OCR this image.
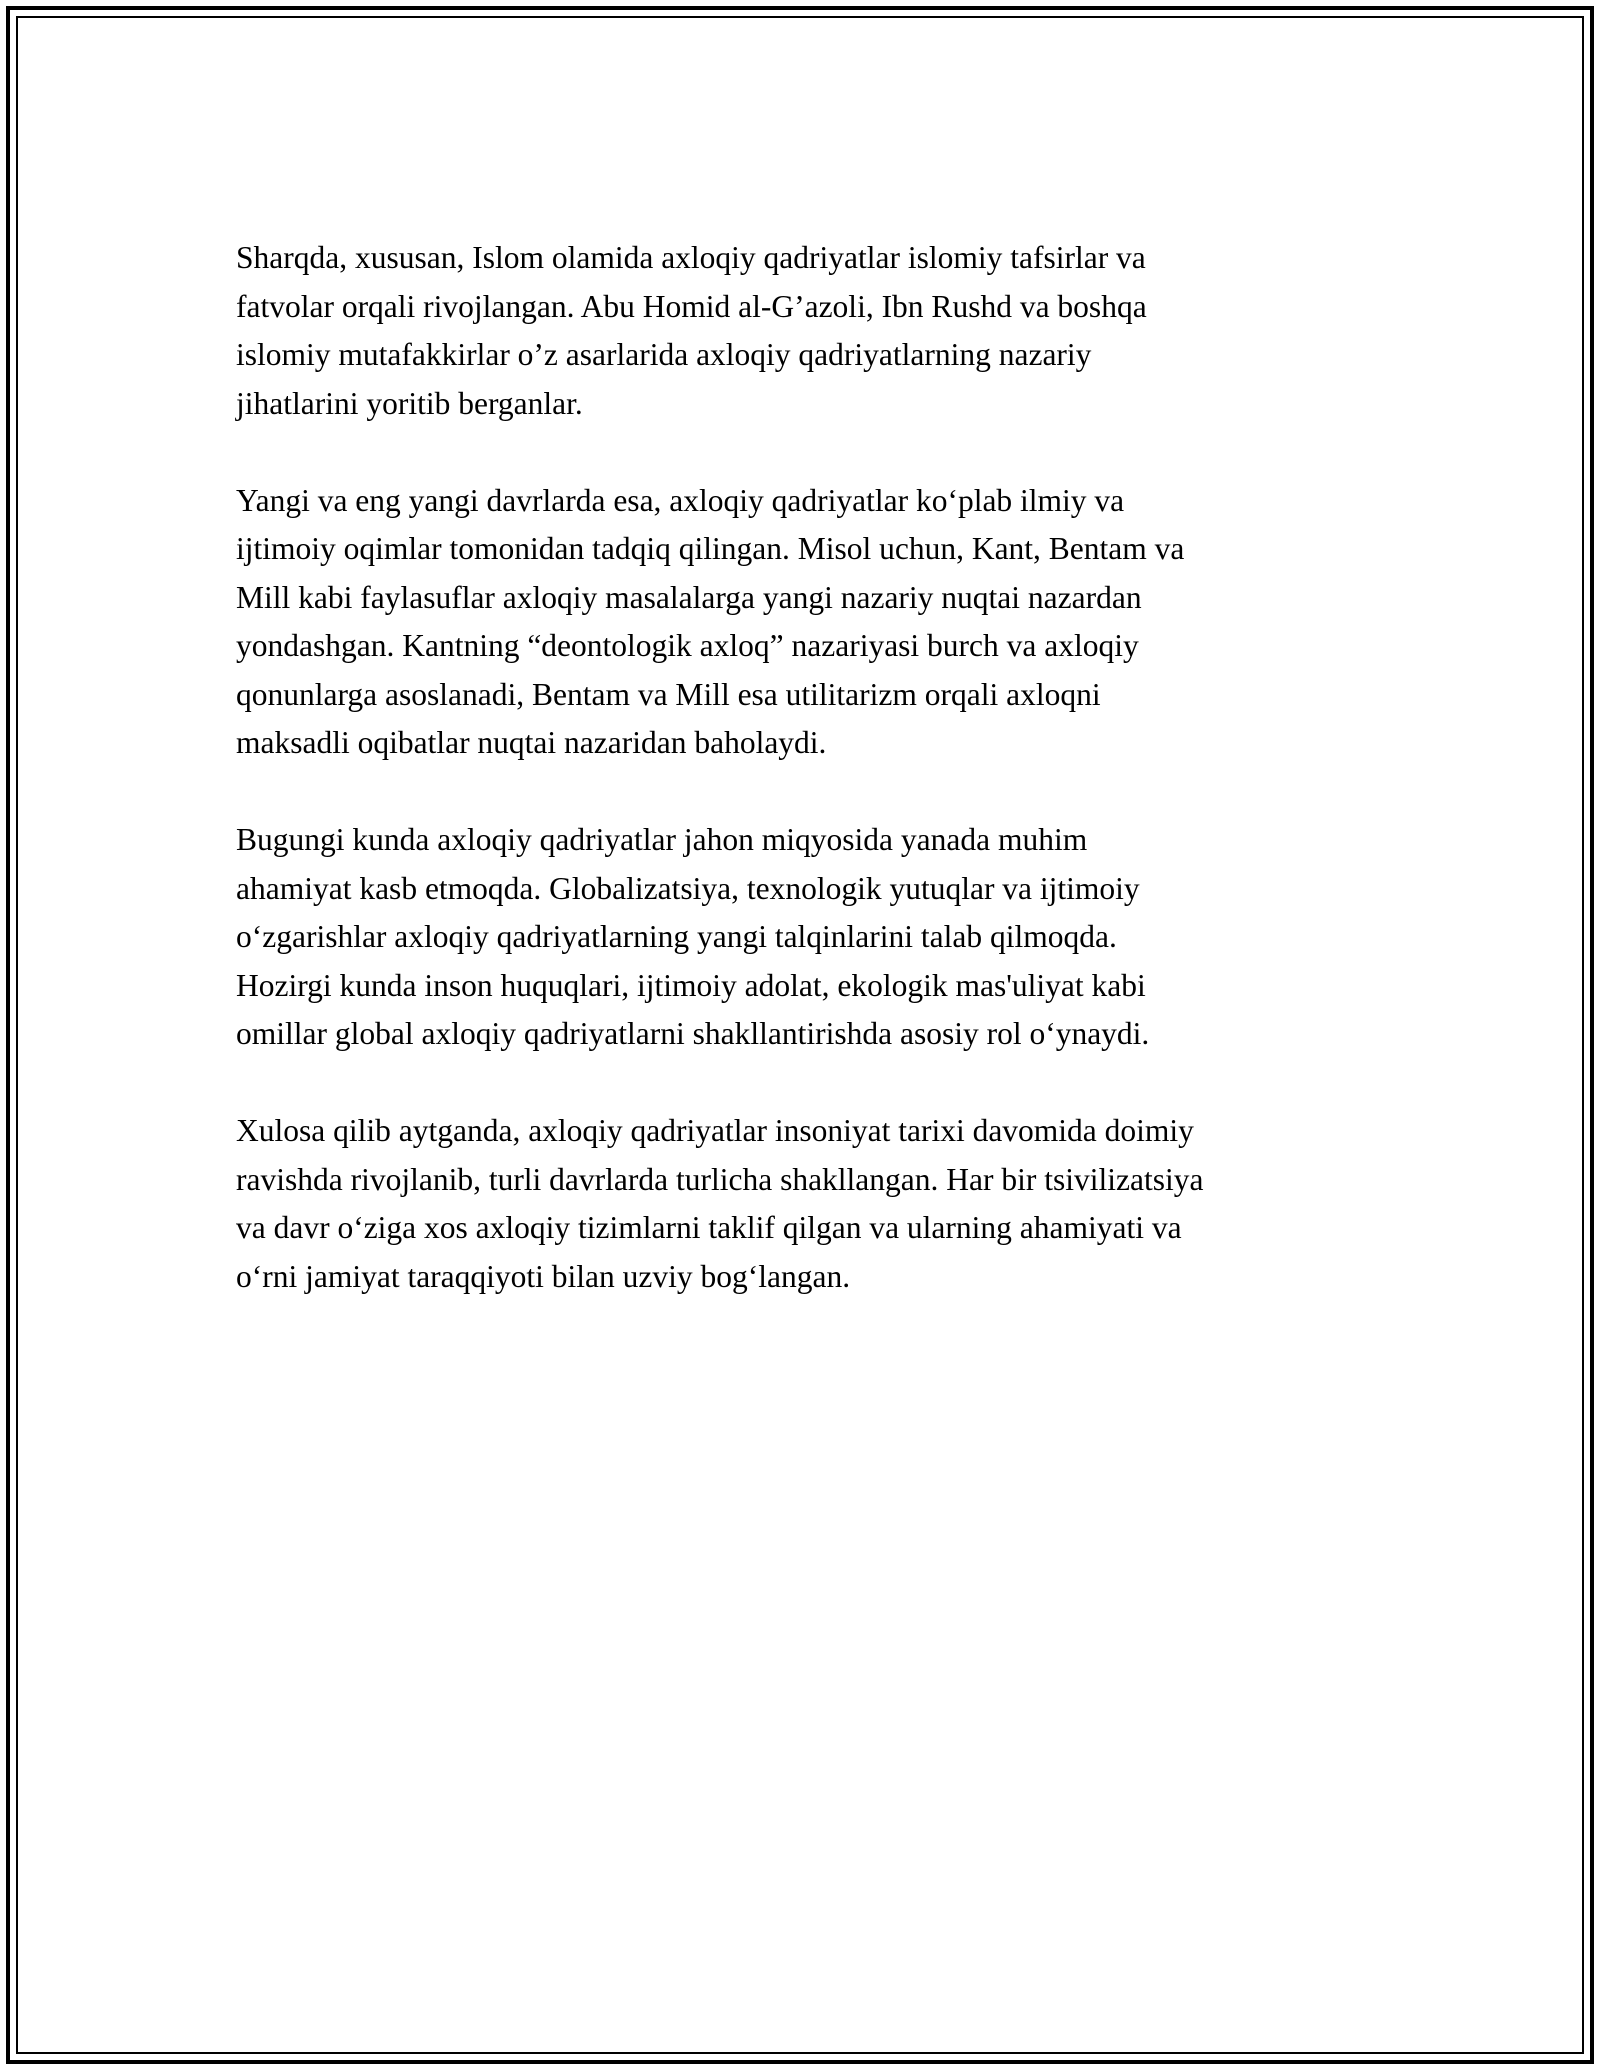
Sharqda, xususan, Islom olamida axloqiy qadriyatlar islomiy tafsirlar va
fatvolar orqali rivojlangan. Abu Homid al-G’azoli, Ibn Rushd va boshqa
islomiy mutafakkirlar o’z asarlarida axloqiy qadriyatlarning nazariy
jihatlarini yoritib berganlar.

Yangi va eng yangi davrlarda esa, axloqiy qadriyatlar ko‘plab ilmiy va
ijtimoiy oqimlar tomonidan tadqiq qilingan. Misol uchun, Kant, Bentam va
Mill kabi faylasuflar axloqiy masalalarga yangi nazariy nuqtai nazardan
yondashgan. Kantning “deontologik axloq” nazariyasi burch va axloqiy
qonunlarga asoslanadi, Bentam va Mill esa utilitarizm orqali axloqni
maksadli oqibatlar nuqtai nazaridan baholaydi.

Bugungi kunda axloqiy qadriyatlar jahon miqyosida yanada muhim
ahamiyat kasb etmoqda. Globalizatsiya, texnologik yutuqlar va ijtimoiy
o‘zgarishlar axloqiy qadriyatlarning yangi talqinlarini talab qilmoqda.
Hozirgi kunda inson huquqlari, ijtimoiy adolat, ekologik mas'uliyat kabi
omillar global axloqiy qadriyatlarni shakllantirishda asosiy rol o‘ynaydi.

Xulosa qilib aytganda, axloqiy qadriyatlar insoniyat tarixi davomida doimiy
ravishda rivojlanib, turli davrlarda turlicha shakllangan. Har bir tsivilizatsiya
va davr o‘ziga xos axloqiy tizimlarni taklif qilgan va ularning ahamiyati va
o‘rni jamiyat taraqqiyoti bilan uzviy bog‘langan.
